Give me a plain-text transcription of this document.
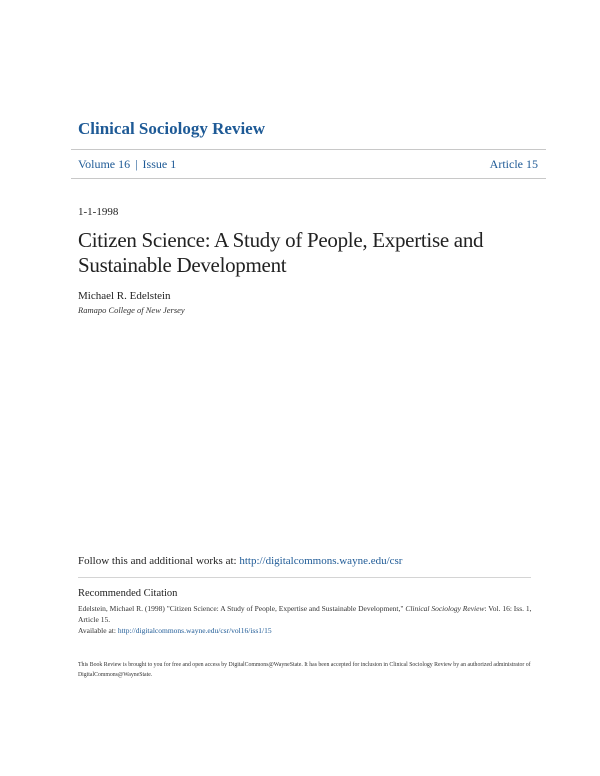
Clinical Sociology Review
Volume 16 | Issue 1	Article 15
1-1-1998
Citizen Science: A Study of People, Expertise and Sustainable Development
Michael R. Edelstein
Ramapo College of New Jersey
Follow this and additional works at: http://digitalcommons.wayne.edu/csr
Recommended Citation
Edelstein, Michael R. (1998) "Citizen Science: A Study of People, Expertise and Sustainable Development," Clinical Sociology Review: Vol. 16: Iss. 1, Article 15.
Available at: http://digitalcommons.wayne.edu/csr/vol16/iss1/15
This Book Review is brought to you for free and open access by DigitalCommons@WayneState. It has been accepted for inclusion in Clinical Sociology Review by an authorized administrator of DigitalCommons@WayneState.
